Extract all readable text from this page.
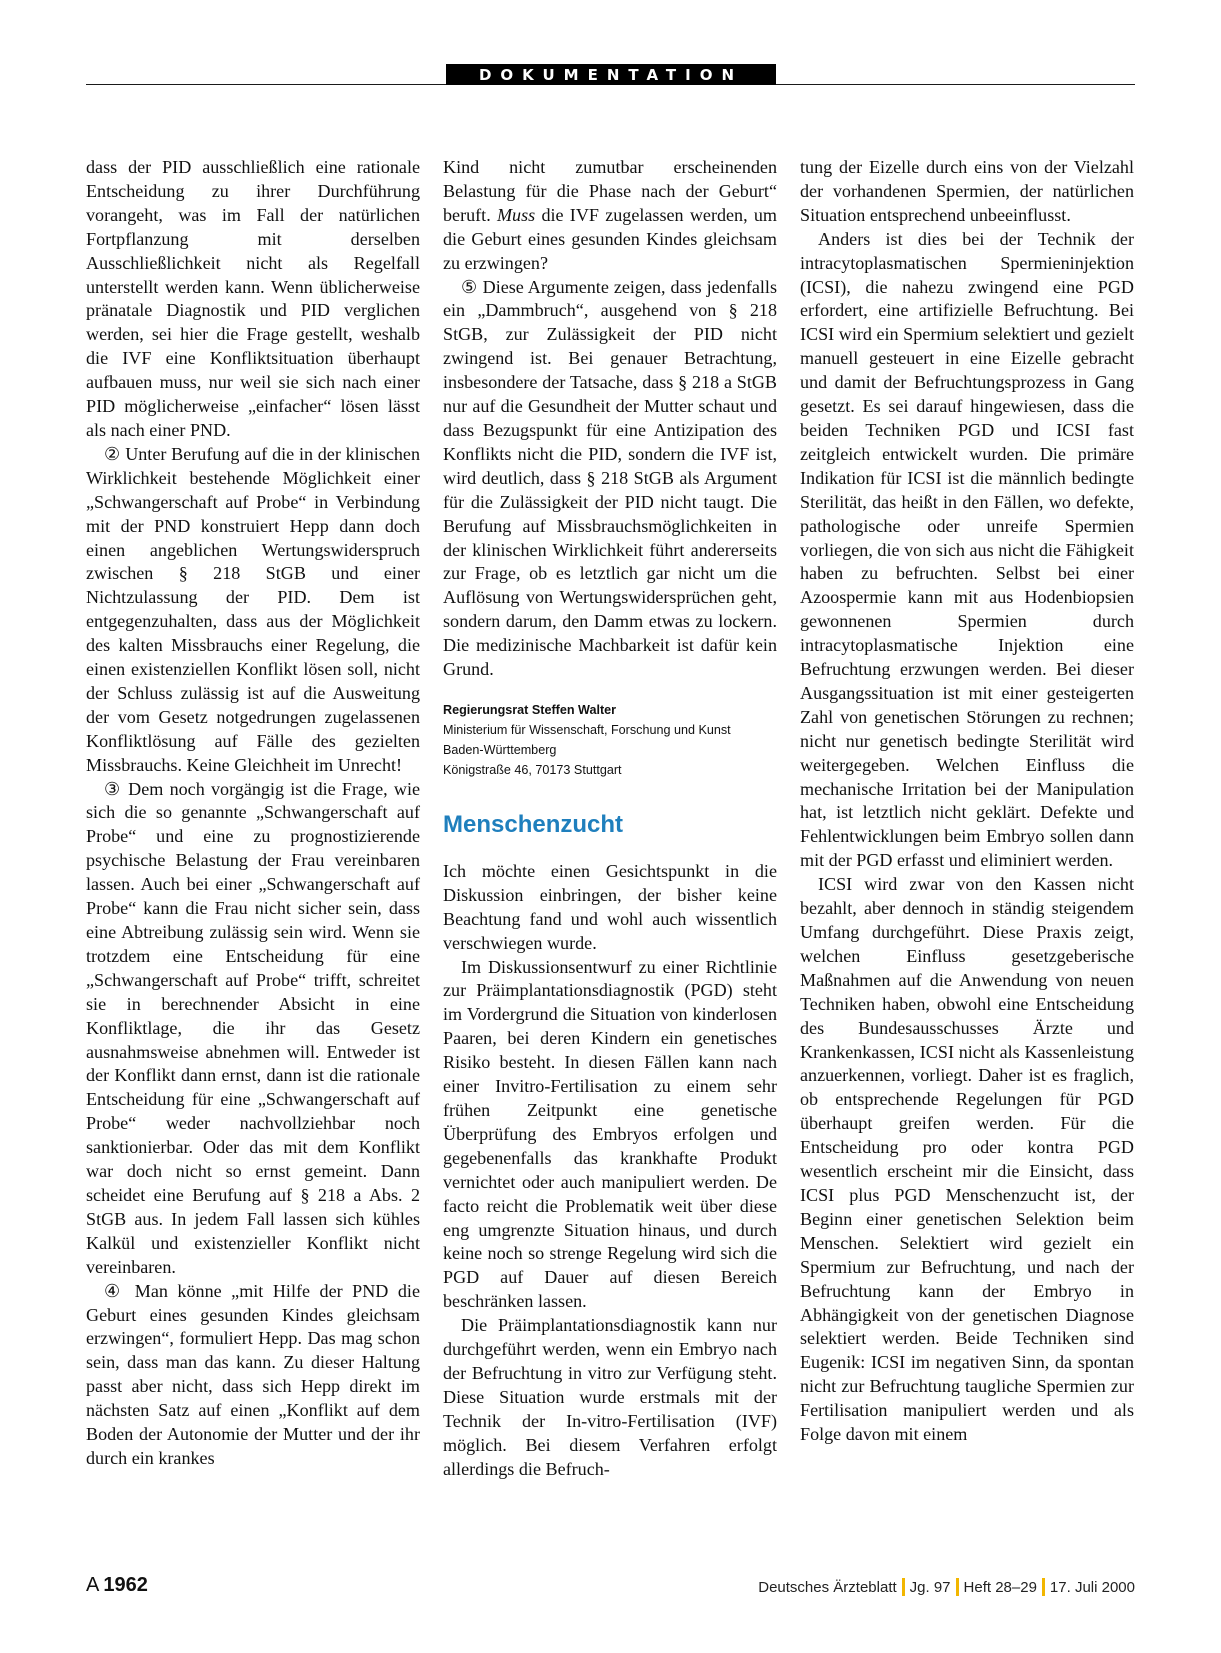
DOKUMENTATION

dass der PID ausschließlich eine rationale Entscheidung zu ihrer Durchführung vorangeht, was im Fall der natürlichen Fortpflanzung mit derselben Ausschließlichkeit nicht als Regelfall unterstellt werden kann. Wenn üblicherweise pränatale Diagnostik und PID verglichen werden, sei hier die Frage gestellt, weshalb die IVF eine Konfliktsituation überhaupt aufbauen muss, nur weil sie sich nach einer PID möglicherweise „einfacher“ lösen lässt als nach einer PND.

② Unter Berufung auf die in der klinischen Wirklichkeit bestehende Möglichkeit einer „Schwangerschaft auf Probe“ in Verbindung mit der PND konstruiert Hepp dann doch einen angeblichen Wertungswiderspruch zwischen § 218 StGB und einer Nichtzulassung der PID. Dem ist entgegenzuhalten, dass aus der Möglichkeit des kalten Missbrauchs einer Regelung, die einen existenziellen Konflikt lösen soll, nicht der Schluss zulässig ist auf die Ausweitung der vom Gesetz notgedrungen zugelassenen Konfliktlösung auf Fälle des gezielten Missbrauchs. Keine Gleichheit im Unrecht!

③ Dem noch vorgängig ist die Frage, wie sich die so genannte „Schwangerschaft auf Probe“ und eine zu prognostizierende psychische Belastung der Frau vereinbaren lassen. Auch bei einer „Schwangerschaft auf Probe“ kann die Frau nicht sicher sein, dass eine Abtreibung zulässig sein wird. Wenn sie trotzdem eine Entscheidung für eine „Schwangerschaft auf Probe“ trifft, schreitet sie in berechnender Absicht in eine Konfliktlage, die ihr das Gesetz ausnahmsweise abnehmen will. Entweder ist der Konflikt dann ernst, dann ist die rationale Entscheidung für eine „Schwangerschaft auf Probe“ weder nachvollziehbar noch sanktionierbar. Oder das mit dem Konflikt war doch nicht so ernst gemeint. Dann scheidet eine Berufung auf § 218 a Abs. 2 StGB aus. In jedem Fall lassen sich kühles Kalkül und existenzieller Konflikt nicht vereinbaren.

④ Man könne „mit Hilfe der PND die Geburt eines gesunden Kindes gleichsam erzwingen“, formuliert Hepp. Das mag schon sein, dass man das kann. Zu dieser Haltung passt aber nicht, dass sich Hepp direkt im nächsten Satz auf einen „Konflikt auf dem Boden der Autonomie der Mutter und der ihr durch ein krankes

Kind nicht zumutbar erscheinenden Belastung für die Phase nach der Geburt“ beruft. Muss die IVF zugelassen werden, um die Geburt eines gesunden Kindes gleichsam zu erzwingen?

⑤ Diese Argumente zeigen, dass jedenfalls ein „Dammbruch“, ausgehend von § 218 StGB, zur Zulässigkeit der PID nicht zwingend ist. Bei genauer Betrachtung, insbesondere der Tatsache, dass § 218 a StGB nur auf die Gesundheit der Mutter schaut und dass Bezugspunkt für eine Antizipation des Konflikts nicht die PID, sondern die IVF ist, wird deutlich, dass § 218 StGB als Argument für die Zulässigkeit der PID nicht taugt. Die Berufung auf Missbrauchsmöglichkeiten in der klinischen Wirklichkeit führt andererseits zur Frage, ob es letztlich gar nicht um die Auflösung von Wertungswidersprüchen geht, sondern darum, den Damm etwas zu lockern. Die medizinische Machbarkeit ist dafür kein Grund.

Regierungsrat Steffen Walter
Ministerium für Wissenschaft, Forschung und Kunst
Baden-Württemberg
Königstraße 46, 70173 Stuttgart
Menschenzucht

Ich möchte einen Gesichtspunkt in die Diskussion einbringen, der bisher keine Beachtung fand und wohl auch wissentlich verschwiegen wurde.

Im Diskussionsentwurf zu einer Richtlinie zur Präimplantationsdiagnostik (PGD) steht im Vordergrund die Situation von kinderlosen Paaren, bei deren Kindern ein genetisches Risiko besteht. In diesen Fällen kann nach einer Invitro-Fertilisation zu einem sehr frühen Zeitpunkt eine genetische Überprüfung des Embryos erfolgen und gegebenenfalls das krankhafte Produkt vernichtet oder auch manipuliert werden. De facto reicht die Problematik weit über diese eng umgrenzte Situation hinaus, und durch keine noch so strenge Regelung wird sich die PGD auf Dauer auf diesen Bereich beschränken lassen.

Die Präimplantationsdiagnostik kann nur durchgeführt werden, wenn ein Embryo nach der Befruchtung in vitro zur Verfügung steht. Diese Situation wurde erstmals mit der Technik der In-vitro-Fertilisation (IVF) möglich. Bei diesem Verfahren erfolgt allerdings die Befruch-

tung der Eizelle durch eins von der Vielzahl der vorhandenen Spermien, der natürlichen Situation entsprechend unbeeinflusst.

Anders ist dies bei der Technik der intracytoplasmatischen Spermieninjektion (ICSI), die nahezu zwingend eine PGD erfordert, eine artifizielle Befruchtung. Bei ICSI wird ein Spermium selektiert und gezielt manuell gesteuert in eine Eizelle gebracht und damit der Befruchtungsprozess in Gang gesetzt. Es sei darauf hingewiesen, dass die beiden Techniken PGD und ICSI fast zeitgleich entwickelt wurden. Die primäre Indikation für ICSI ist die männlich bedingte Sterilität, das heißt in den Fällen, wo defekte, pathologische oder unreife Spermien vorliegen, die von sich aus nicht die Fähigkeit haben zu befruchten. Selbst bei einer Azoospermie kann mit aus Hodenbiopsien gewonnenen Spermien durch intracytoplasmatische Injektion eine Befruchtung erzwungen werden. Bei dieser Ausgangssituation ist mit einer gesteigerten Zahl von genetischen Störungen zu rechnen; nicht nur genetisch bedingte Sterilität wird weitergegeben. Welchen Einfluss die mechanische Irritation bei der Manipulation hat, ist letztlich nicht geklärt. Defekte und Fehlentwicklungen beim Embryo sollen dann mit der PGD erfasst und eliminiert werden.

ICSI wird zwar von den Kassen nicht bezahlt, aber dennoch in ständig steigendem Umfang durchgeführt. Diese Praxis zeigt, welchen Einfluss gesetzgeberische Maßnahmen auf die Anwendung von neuen Techniken haben, obwohl eine Entscheidung des Bundesausschusses Ärzte und Krankenkassen, ICSI nicht als Kassenleistung anzuerkennen, vorliegt. Daher ist es fraglich, ob entsprechende Regelungen für PGD überhaupt greifen werden. Für die Entscheidung pro oder kontra PGD wesentlich erscheint mir die Einsicht, dass ICSI plus PGD Menschenzucht ist, der Beginn einer genetischen Selektion beim Menschen. Selektiert wird gezielt ein Spermium zur Befruchtung, und nach der Befruchtung kann der Embryo in Abhängigkeit von der genetischen Diagnose selektiert werden. Beide Techniken sind Eugenik: ICSI im negativen Sinn, da spontan nicht zur Befruchtung taugliche Spermien zur Fertilisation manipuliert werden und als Folge davon mit einem

A 1962	Deutsches Ärzteblatt Jg. 97 Heft 28–29 17. Juli 2000
